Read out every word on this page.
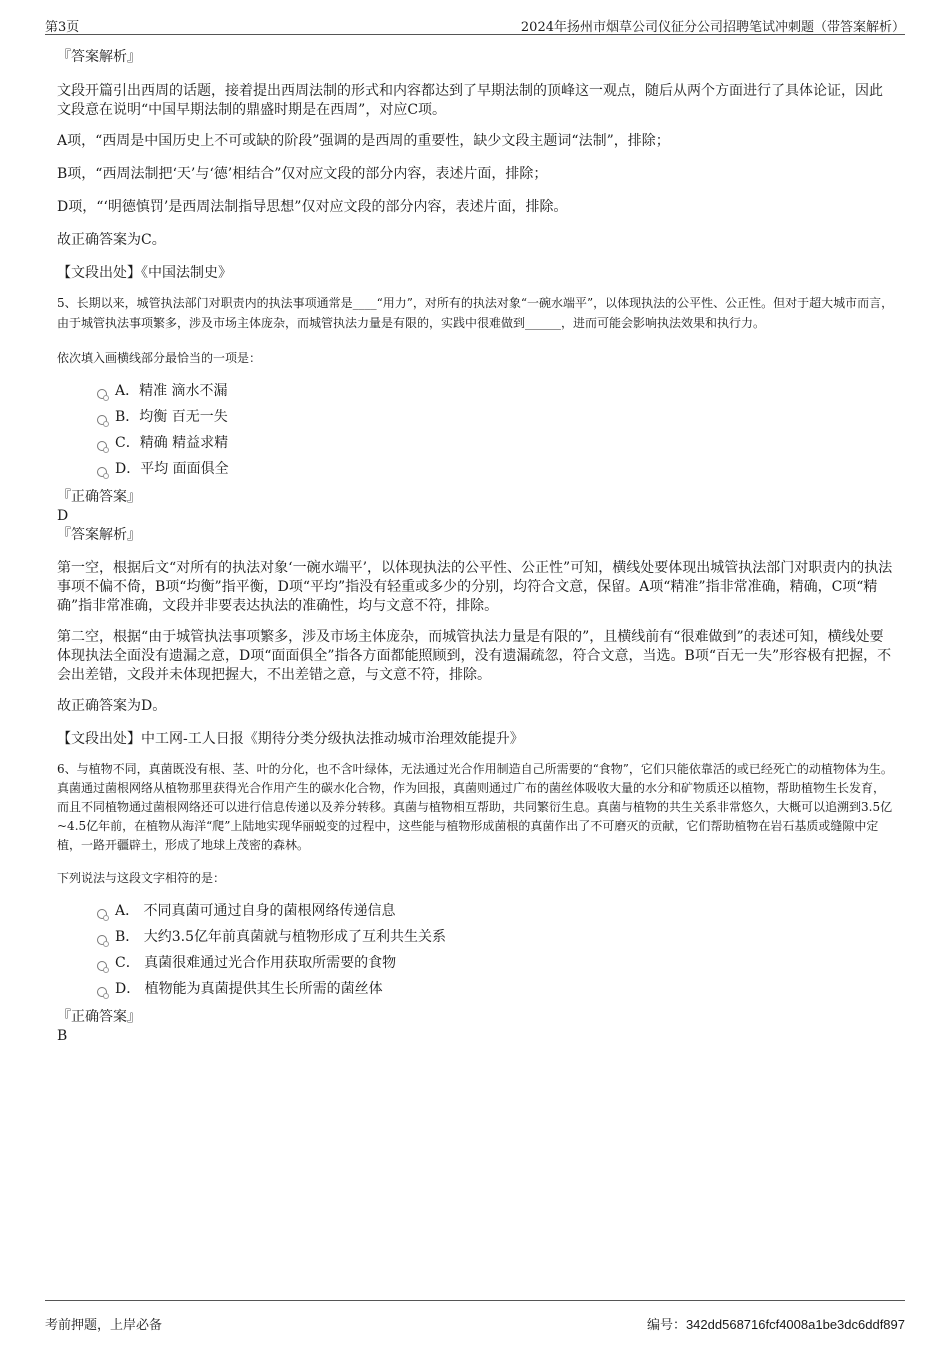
第3页	2024年扬州市烟草公司仪征分公司招聘笔试冲刺题（带答案解析）

『答案解析』

文段开篇引出西周的话题，接着提出西周法制的形式和内容都达到了早期法制的顶峰这一观点，随后从两个方面进行了具体论证，因此文段意在说明“中国早期法制的鼎盛时期是在西周”，对应C项。

A项，“西周是中国历史上不可或缺的阶段”强调的是西周的重要性，缺少文段主题词“法制”，排除；

B项，“西周法制把‘天’与‘德’相结合”仅对应文段的部分内容，表述片面，排除；

D项，“‘明德慎罚’是西周法制指导思想”仅对应文段的部分内容，表述片面，排除。

故正确答案为C。

【文段出处】《中国法制史》

5、长期以来，城管执法部门对职责内的执法事项通常是____“用力”，对所有的执法对象“一碗水端平”，以体现执法的公平性、公正性。但对于超大城市而言，由于城管执法事项繁多，涉及市场主体庞杂，而城管执法力量是有限的，实践中很难做到______，进而可能会影响执法效果和执行力。

依次填入画横线部分最恰当的一项是：

A．精准 滴水不漏
B．均衡 百无一失
C．精确 精益求精
D．平均 面面俱全

『正确答案』

D

『答案解析』

第一空，根据后文“对所有的执法对象‘一碗水端平’，以体现执法的公平性、公正性”可知，横线处要体现出城管执法部门对职责内的执法事项不偏不倚，B项“均衡”指平衡，D项“平均”指没有轻重或多少的分别，均符合文意，保留。A项“精准”指非常准确，精确，C项“精确”指非常准确，文段并非要表达执法的准确性，均与文意不符，排除。

第二空，根据“由于城管执法事项繁多，涉及市场主体庞杂，而城管执法力量是有限的”，且横线前有“很难做到”的表述可知，横线处要体现执法全面没有遗漏之意，D项“面面俱全”指各方面都能照顾到，没有遗漏疏忽，符合文意，当选。B项“百无一失”形容极有把握，不会出差错，文段并未体现把握大，不出差错之意，与文意不符，排除。

故正确答案为D。

【文段出处】中工网-工人日报《期待分类分级执法推动城市治理效能提升》

6、与植物不同，真菌既没有根、茎、叶的分化，也不含叶绿体，无法通过光合作用制造自己所需要的“食物”，它们只能依靠活的或已经死亡的动植物体为生。真菌通过菌根网络从植物那里获得光合作用产生的碳水化合物，作为回报，真菌则通过广布的菌丝体吸收大量的水分和矿物质还以植物，帮助植物生长发育，而且不同植物通过菌根网络还可以进行信息传递以及养分转移。真菌与植物相互帮助，共同繁衍生息。真菌与植物的共生关系非常悠久，大概可以追溯到3.5亿~4.5亿年前，在植物从海洋“爬”上陆地实现华丽蜕变的过程中，这些能与植物形成菌根的真菌作出了不可磨灭的贡献，它们帮助植物在岩石基质或缝隙中定植，一路开疆辟土，形成了地球上茂密的森林。

下列说法与这段文字相符的是：

A． 不同真菌可通过自身的菌根网络传递信息
B． 大约3.5亿年前真菌就与植物形成了互利共生关系
C． 真菌很难通过光合作用获取所需要的食物
D． 植物能为真菌提供其生长所需的菌丝体

『正确答案』

B

考前押题，上岸必备	编号：342dd568716fcf4008a1be3dc6ddf897
